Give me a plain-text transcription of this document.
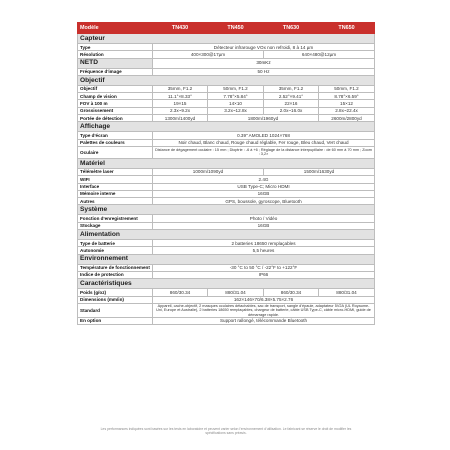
Modèle	TN430	TN450	TN630	TN650
Capteur				
Type	Détecteur infrarouge VOx non refroidi, 8 à 14 µm			
Résolution	400×300@17µm		640×480@12µm	
NETD	30mKz			
Fréquence d'image	50 Hz			
Objectif				
Objectif	35mm, F1.2	50mm, F1.2	35mm, F1.2	50mm, F1.2
Champ de vision	11.1°×8.33°	7.78°×5.84°	2.52°×9.41°	8.78°×6.59°
FOV à 100 m	19×15	14×10	22×16	15×12
Grossissement	2.3x~9.2x	3.2x~12.8x	2.0x~16.0x	2.8x~22.4x
Portée de détection	1300m/1400yd	1800m/1960yd		2600m/2800yd
Affichage				
Type d'écran	0.39" AMOLED 1024×768			
Palettes de couleurs	Noir chaud, Blanc chaud, Rouge chaud réglable, Fer rouge, Bleu chaud, Vert chaud			
Oculaire	Distance de dégagement oculaire : 15 mm ; Dioptrie : -6 à +6 ; Réglage de la distance interpupillaire : de 60 mm à 70 mm ; Zoom : 3,2×			
Matériel				
Télémètre laser	1000m/1090yd		1500m/1630yd	
WIFI	2.4G			
Interface	USB Type-C; Micro HDMI			
Mémoire interne	16GB			
Autres	GPS, boussole, gyroscope, Bluetooth			
Système				
Fonction d'enregistrement	Photo / Vidéo			
Stockage	16GB			
Alimentation				
Type de batterie	2 batteries 18650 remplaçables			
Autonomie	5,5 heures			
Environnement				
Température de fonctionnement	-30 °C to 50 °C / -22°F to +122°F			
Indice de protection	IP66			
Caractéristiques				
Poids (g/oz)	860/30.34	880/31.04	860/30.34	880/31.04
Dimensions (mm/in)	162×146×70/6.38×5.75×2.76			
Standard	Appareil, cache-objectif, 2 masques oculaires détachables, sac de transport, sangle d'épaule, adaptateur 5V2A (UL Royaume-Uni, Europe et Australie), 2 batteries 18650 remplaçables, chargeur de batterie, câble USB Type-C, câble micro-HDMI, guide de démarrage rapide.			
En option	Support rallongé, télécommande Bluetooth			
Les performances indiquées sont basées sur les tests en laboratoire et peuvent varier selon l'environnement d'utilisation. Le fabricant se réserve le droit de modifier les spécifications sans préavis.
